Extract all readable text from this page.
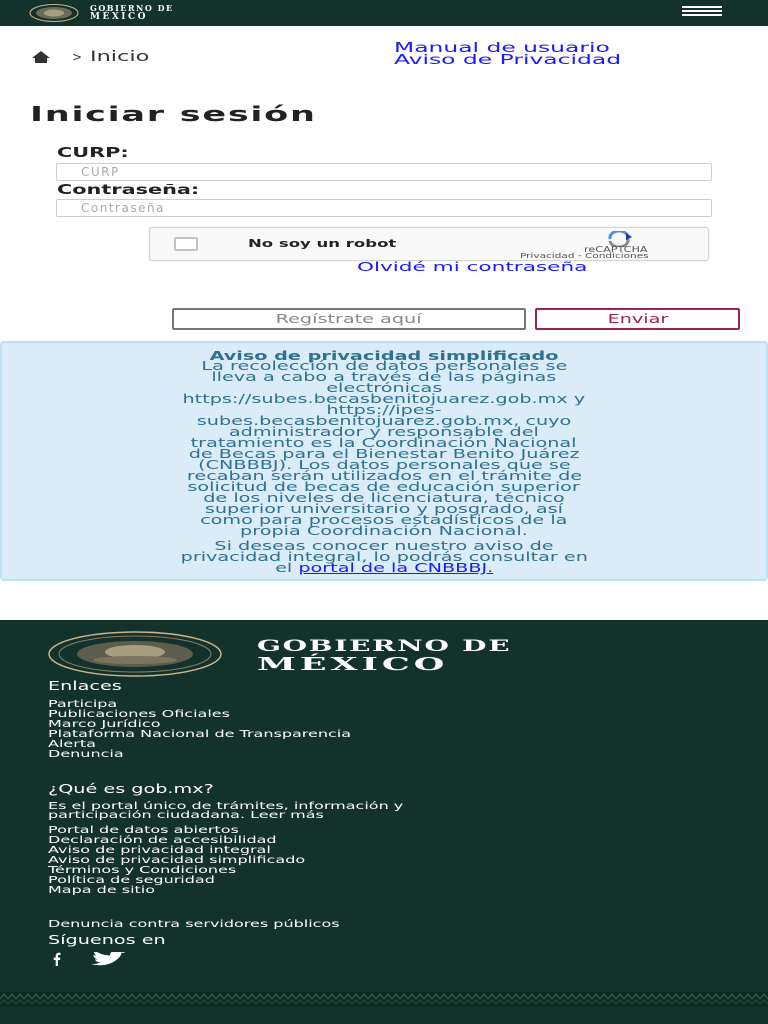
GOBIERNO DE
MÉXICO
> Inicio
Manual de usuario
Aviso de Privacidad
Iniciar sesión
CURP:
CURP
Contraseña:
No soy un robot	reCAPTCHA
Privacidad - Condiciones
Olvidé mi contraseña
Regístrate aquí	Enviar
Aviso de privacidad simplificado
La recolección de datos personales se
lleva a cabo a través de las páginas
electrónicas
https://subes.becasbenitojuarez.gob.mx y
https://ipes-
subes.becasbenitojuarez.gob.mx, cuyo
administrador y responsable del
tratamiento es la Coordinación Nacional
de Becas para el Bienestar Benito Juárez
(CNBBBJ). Los datos personales que se
recaban serán utilizados en el trámite de
solicitud de becas de educación superior
de los niveles de licenciatura, técnico
superior universitario y posgrado, así
como para procesos estadísticos de la
propia Coordinación Nacional.
Si deseas conocer nuestro aviso de
privacidad integral, lo podrás consultar en
el portal de la CNBBBJ.
GOBIERNO DE
MÉXICO
Enlaces
Participa
Publicaciones Oficiales
Marco Jurídico
Plataforma Nacional de Transparencia
Alerta
Denuncia
¿Qué es gob.mx?
Es el portal único de trámites, información y
participación ciudadana. Leer más
Portal de datos abiertos
Declaración de accesibilidad
Aviso de privacidad integral
Aviso de privacidad simplificado
Términos y Condiciones
Política de seguridad
Mapa de sitio
Denuncia contra servidores públicos
Síguenos en
